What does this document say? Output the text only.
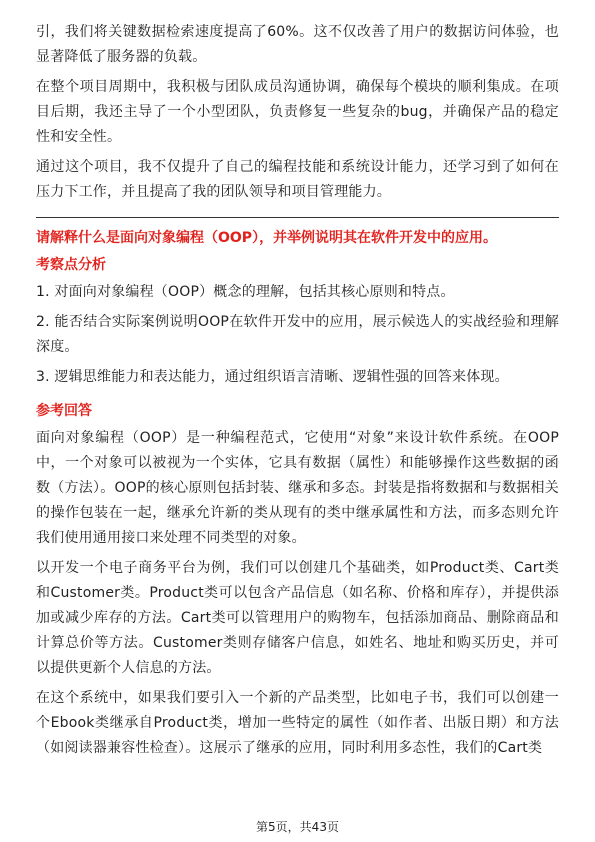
引，我们将关键数据检索速度提高了60%。这不仅改善了用户的数据访问体验，也显著降低了服务器的负载。

在整个项目周期中，我积极与团队成员沟通协调，确保每个模块的顺利集成。在项目后期，我还主导了一个小型团队，负责修复一些复杂的bug，并确保产品的稳定性和安全性。

通过这个项目，我不仅提升了自己的编程技能和系统设计能力，还学习到了如何在压力下工作，并且提高了我的团队领导和项目管理能力。

请解释什么是面向对象编程（OOP），并举例说明其在软件开发中的应用。
考察点分析

1. 对面向对象编程（OOP）概念的理解，包括其核心原则和特点。

2. 能否结合实际案例说明OOP在软件开发中的应用，展示候选人的实战经验和理解深度。

3. 逻辑思维能力和表达能力，通过组织语言清晰、逻辑性强的回答来体现。

参考回答

面向对象编程（OOP）是一种编程范式，它使用“对象”来设计软件系统。在OOP中，一个对象可以被视为一个实体，它具有数据（属性）和能够操作这些数据的函数（方法）。OOP的核心原则包括封装、继承和多态。封装是指将数据和与数据相关的操作包装在一起，继承允许新的类从现有的类中继承属性和方法，而多态则允许我们使用通用接口来处理不同类型的对象。

以开发一个电子商务平台为例，我们可以创建几个基础类，如Product类、Cart类和Customer类。Product类可以包含产品信息（如名称、价格和库存），并提供添加或减少库存的方法。Cart类可以管理用户的购物车，包括添加商品、删除商品和计算总价等方法。Customer类则存储客户信息，如姓名、地址和购买历史，并可以提供更新个人信息的方法。

在这个系统中，如果我们要引入一个新的产品类型，比如电子书，我们可以创建一个Ebook类继承自Product类，增加一些特定的属性（如作者、出版日期）和方法（如阅读器兼容性检查）。这展示了继承的应用，同时利用多态性，我们的Cart类

第5页，共43页
